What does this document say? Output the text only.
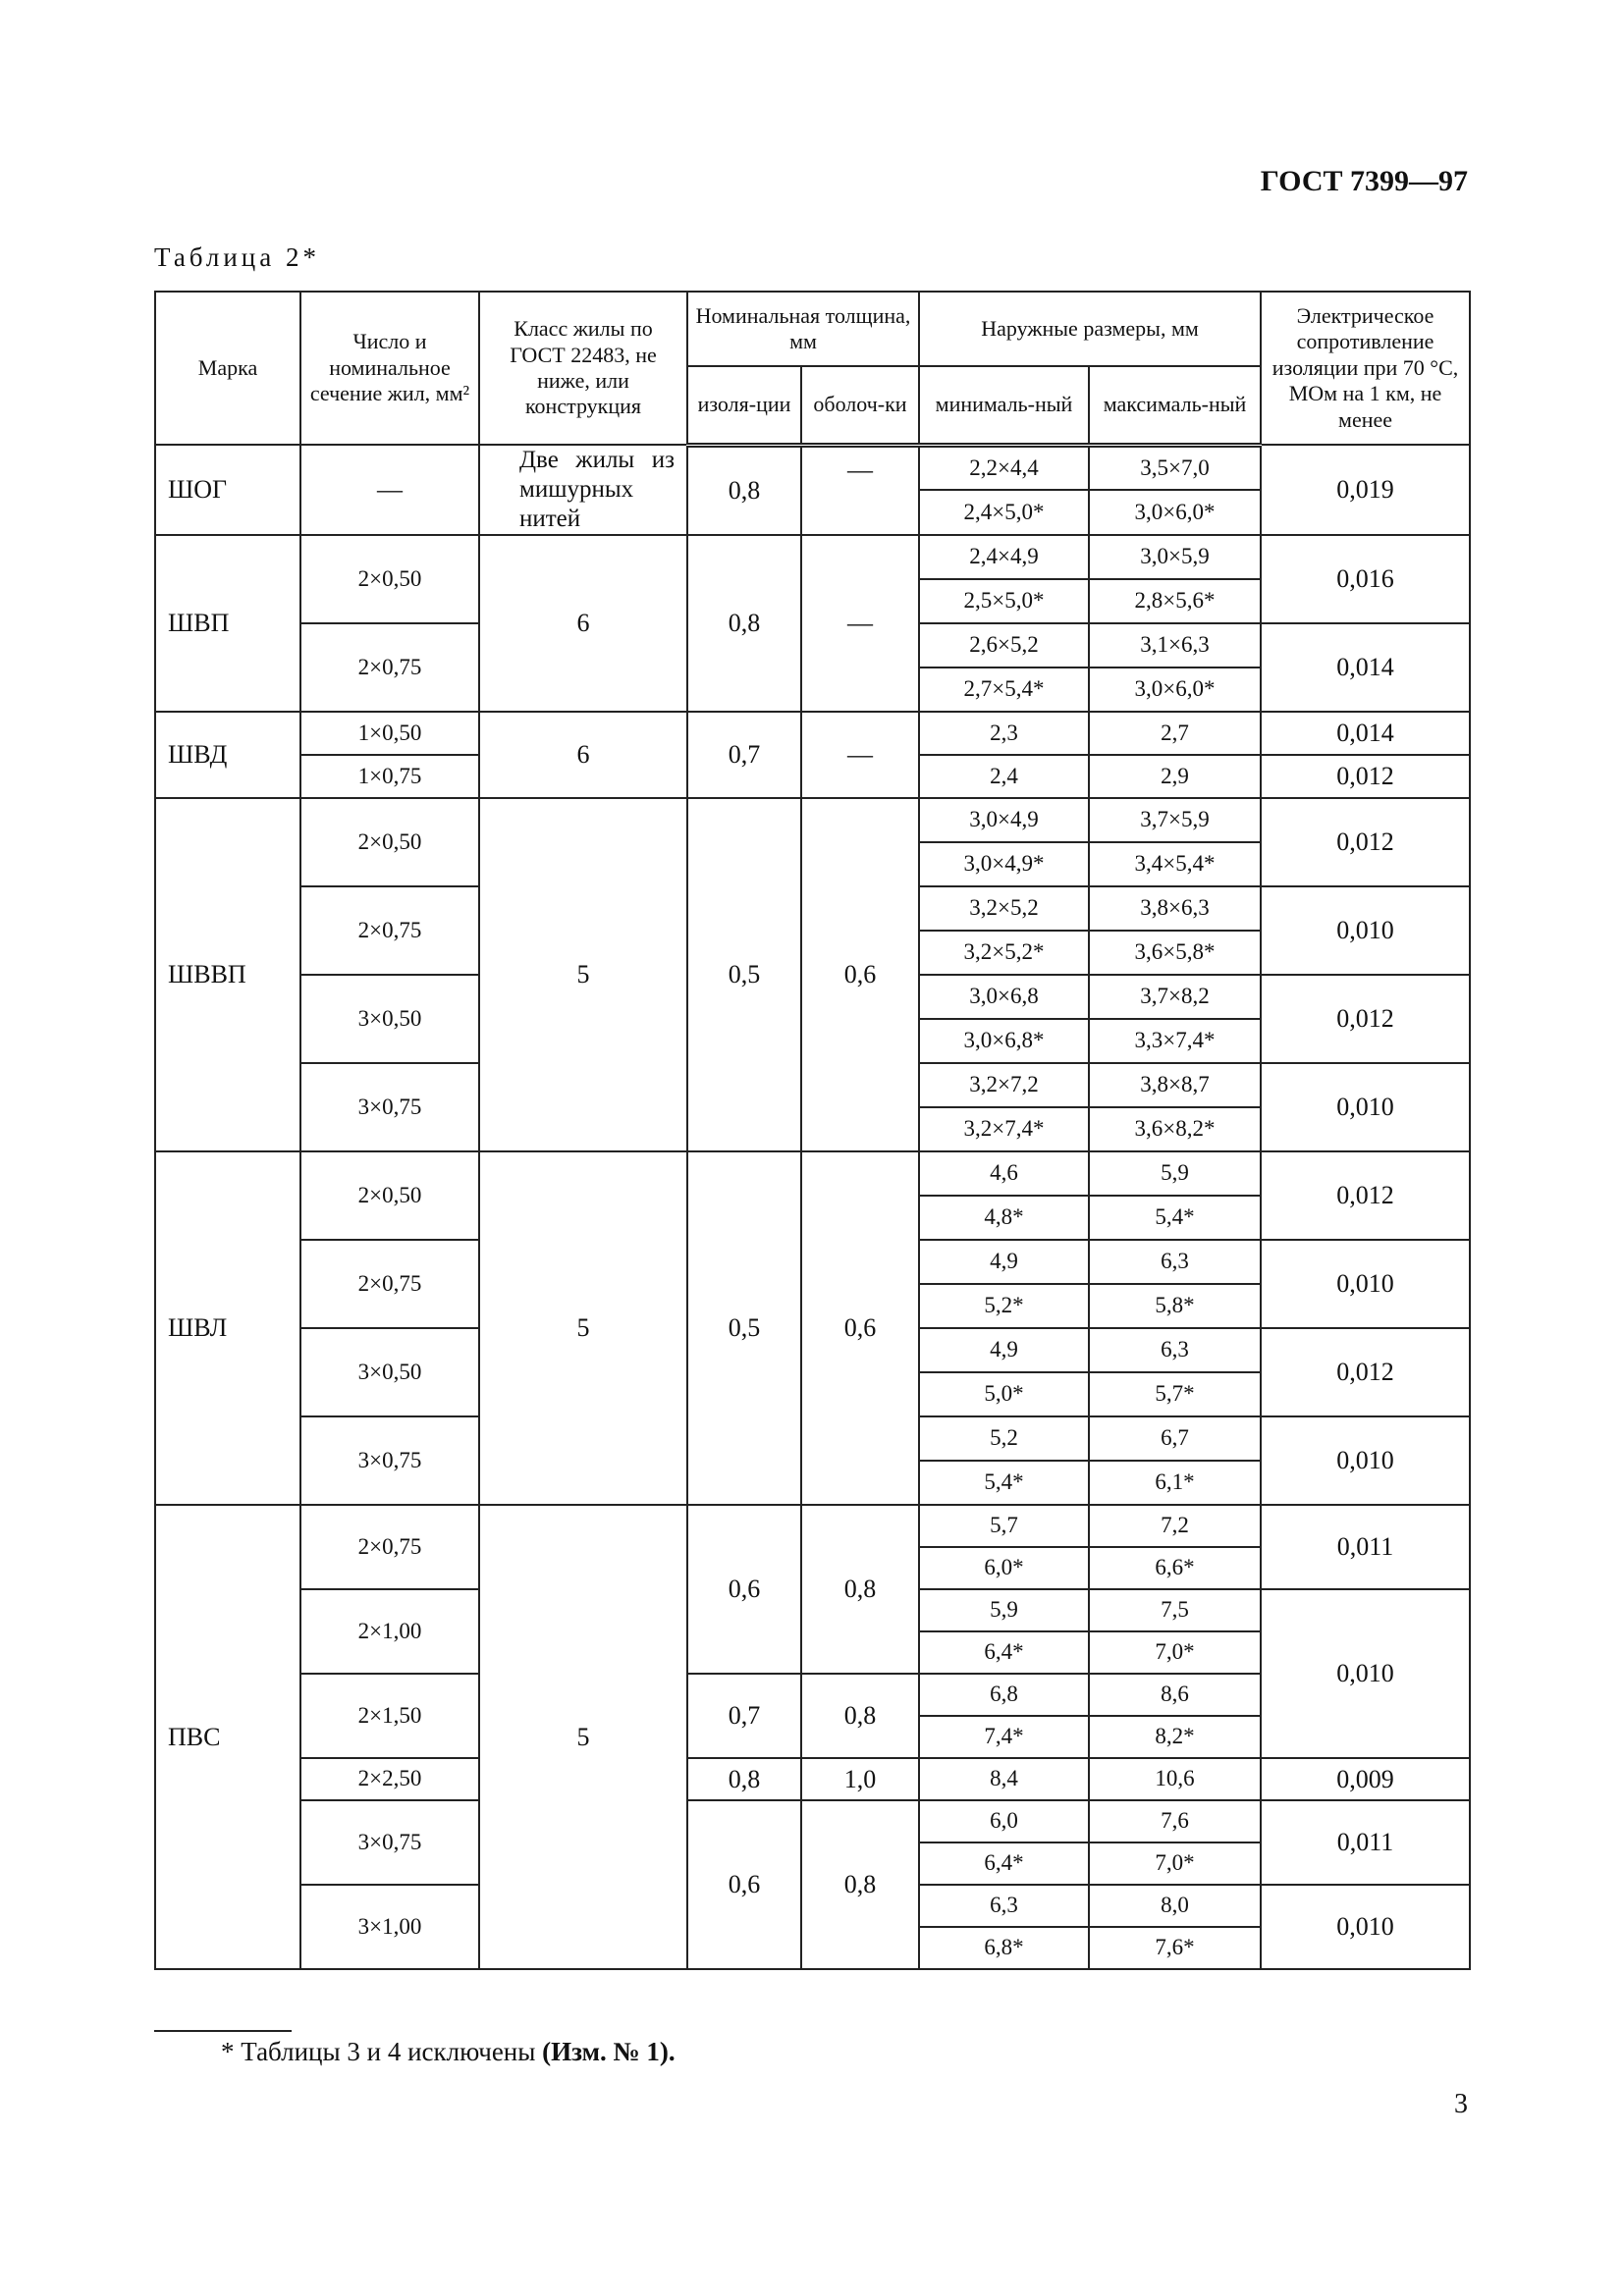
ГОСТ 7399—97
Таблица 2*
Марка	Число и номинальное сечение жил, мм²	Класс жилы по ГОСТ 22483, не ниже, или конструкция	Номинальная толщина, мм		Наружные размеры, мм		Электрическое сопротивление изоляции при 70 °С, МОм на 1 км, не менее
			изоля-ции	оболоч-ки	минималь-ный	максималь-ный	
ШОГ	—	Две жилы из мишурных нитей	0,8	—	2,2×4,4	3,5×7,0	0,019
					2,4×5,0*	3,0×6,0*	
ШВП	2×0,50	6	0,8	—	2,4×4,9	3,0×5,9	0,016
					2,5×5,0*	2,8×5,6*	
	2×0,75				2,6×5,2	3,1×6,3	0,014
					2,7×5,4*	3,0×6,0*	
ШВД	1×0,50	6	0,7	—	2,3	2,7	0,014
	1×0,75				2,4	2,9	0,012
ШВВП	2×0,50	5	0,5	0,6	3,0×4,9	3,7×5,9	0,012
					3,0×4,9*	3,4×5,4*	
	2×0,75				3,2×5,2	3,8×6,3	0,010
					3,2×5,2*	3,6×5,8*	
	3×0,50				3,0×6,8	3,7×8,2	0,012
					3,0×6,8*	3,3×7,4*	
	3×0,75				3,2×7,2	3,8×8,7	0,010
					3,2×7,4*	3,6×8,2*	
ШВЛ	2×0,50	5	0,5	0,6	4,6	5,9	0,012
					4,8*	5,4*	
	2×0,75				4,9	6,3	0,010
					5,2*	5,8*	
	3×0,50				4,9	6,3	0,012
					5,0*	5,7*	
	3×0,75				5,2	6,7	0,010
					5,4*	6,1*	
ПВС	2×0,75	5	0,6	0,8	5,7	7,2	0,011
					6,0*	6,6*	
	2×1,00				5,9	7,5	0,010
					6,4*	7,0*	
	2×1,50		0,7	0,8	6,8	8,6	
					7,4*	8,2*	
	2×2,50		0,8	1,0	8,4	10,6	0,009
	3×0,75		0,6	0,8	6,0	7,6	0,011
					6,4*	7,0*	
	3×1,00				6,3	8,0	0,010
					6,8*	7,6*	
* Таблицы 3 и 4 исключены (Изм. № 1).
3
